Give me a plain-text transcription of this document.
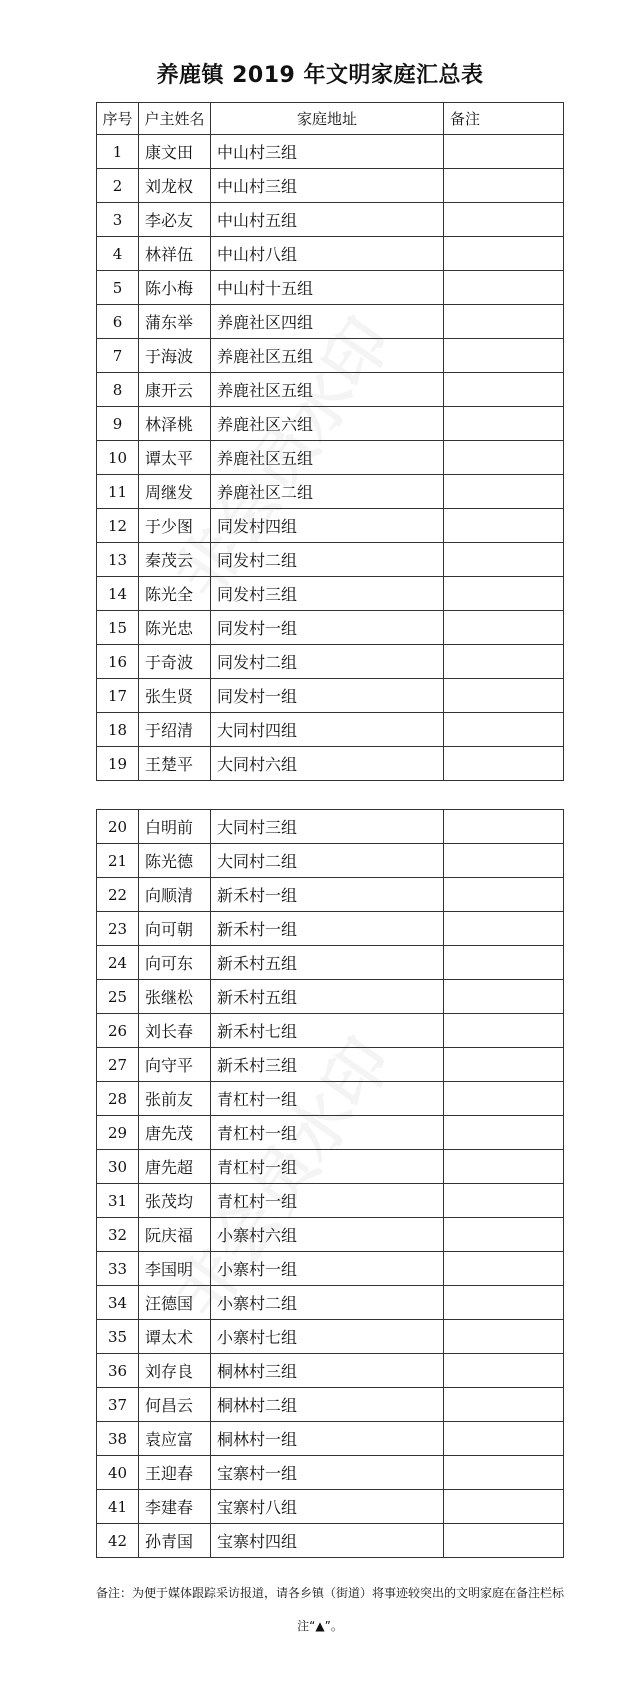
养鹿镇 2019 年文明家庭汇总表
序号	户主姓名	家庭地址	备注
1	康文田	中山村三组	
2	刘龙权	中山村三组	
3	李必友	中山村五组	
4	林祥伍	中山村八组	
5	陈小梅	中山村十五组	
6	蒲东举	养鹿社区四组	
7	于海波	养鹿社区五组	
8	康开云	养鹿社区五组	
9	林泽桃	养鹿社区六组	
10	谭太平	养鹿社区五组	
11	周继发	养鹿社区二组	
12	于少图	同发村四组	
13	秦茂云	同发村二组	
14	陈光全	同发村三组	
15	陈光忠	同发村一组	
16	于奇波	同发村二组	
17	张生贤	同发村一组	
18	于绍清	大同村四组	
19	王楚平	大同村六组	
20	白明前	大同村三组	
21	陈光德	大同村二组	
22	向顺清	新禾村一组	
23	向可朝	新禾村一组	
24	向可东	新禾村五组	
25	张继松	新禾村五组	
26	刘长春	新禾村七组	
27	向守平	新禾村三组	
28	张前友	青杠村一组	
29	唐先茂	青杠村一组	
30	唐先超	青杠村一组	
31	张茂均	青杠村一组	
32	阮庆福	小寨村六组	
33	李国明	小寨村一组	
34	汪德国	小寨村二组	
35	谭太术	小寨村七组	
36	刘存良	桐林村三组	
37	何昌云	桐林村二组	
38	袁应富	桐林村一组	
40	王迎春	宝寨村一组	
41	李建春	宝寨村八组	
42	孙青国	宝寨村四组	
备注：为便于媒体跟踪采访报道，请各乡镇（街道）将事迹较突出的文明家庭在备注栏标
注“▲”。
